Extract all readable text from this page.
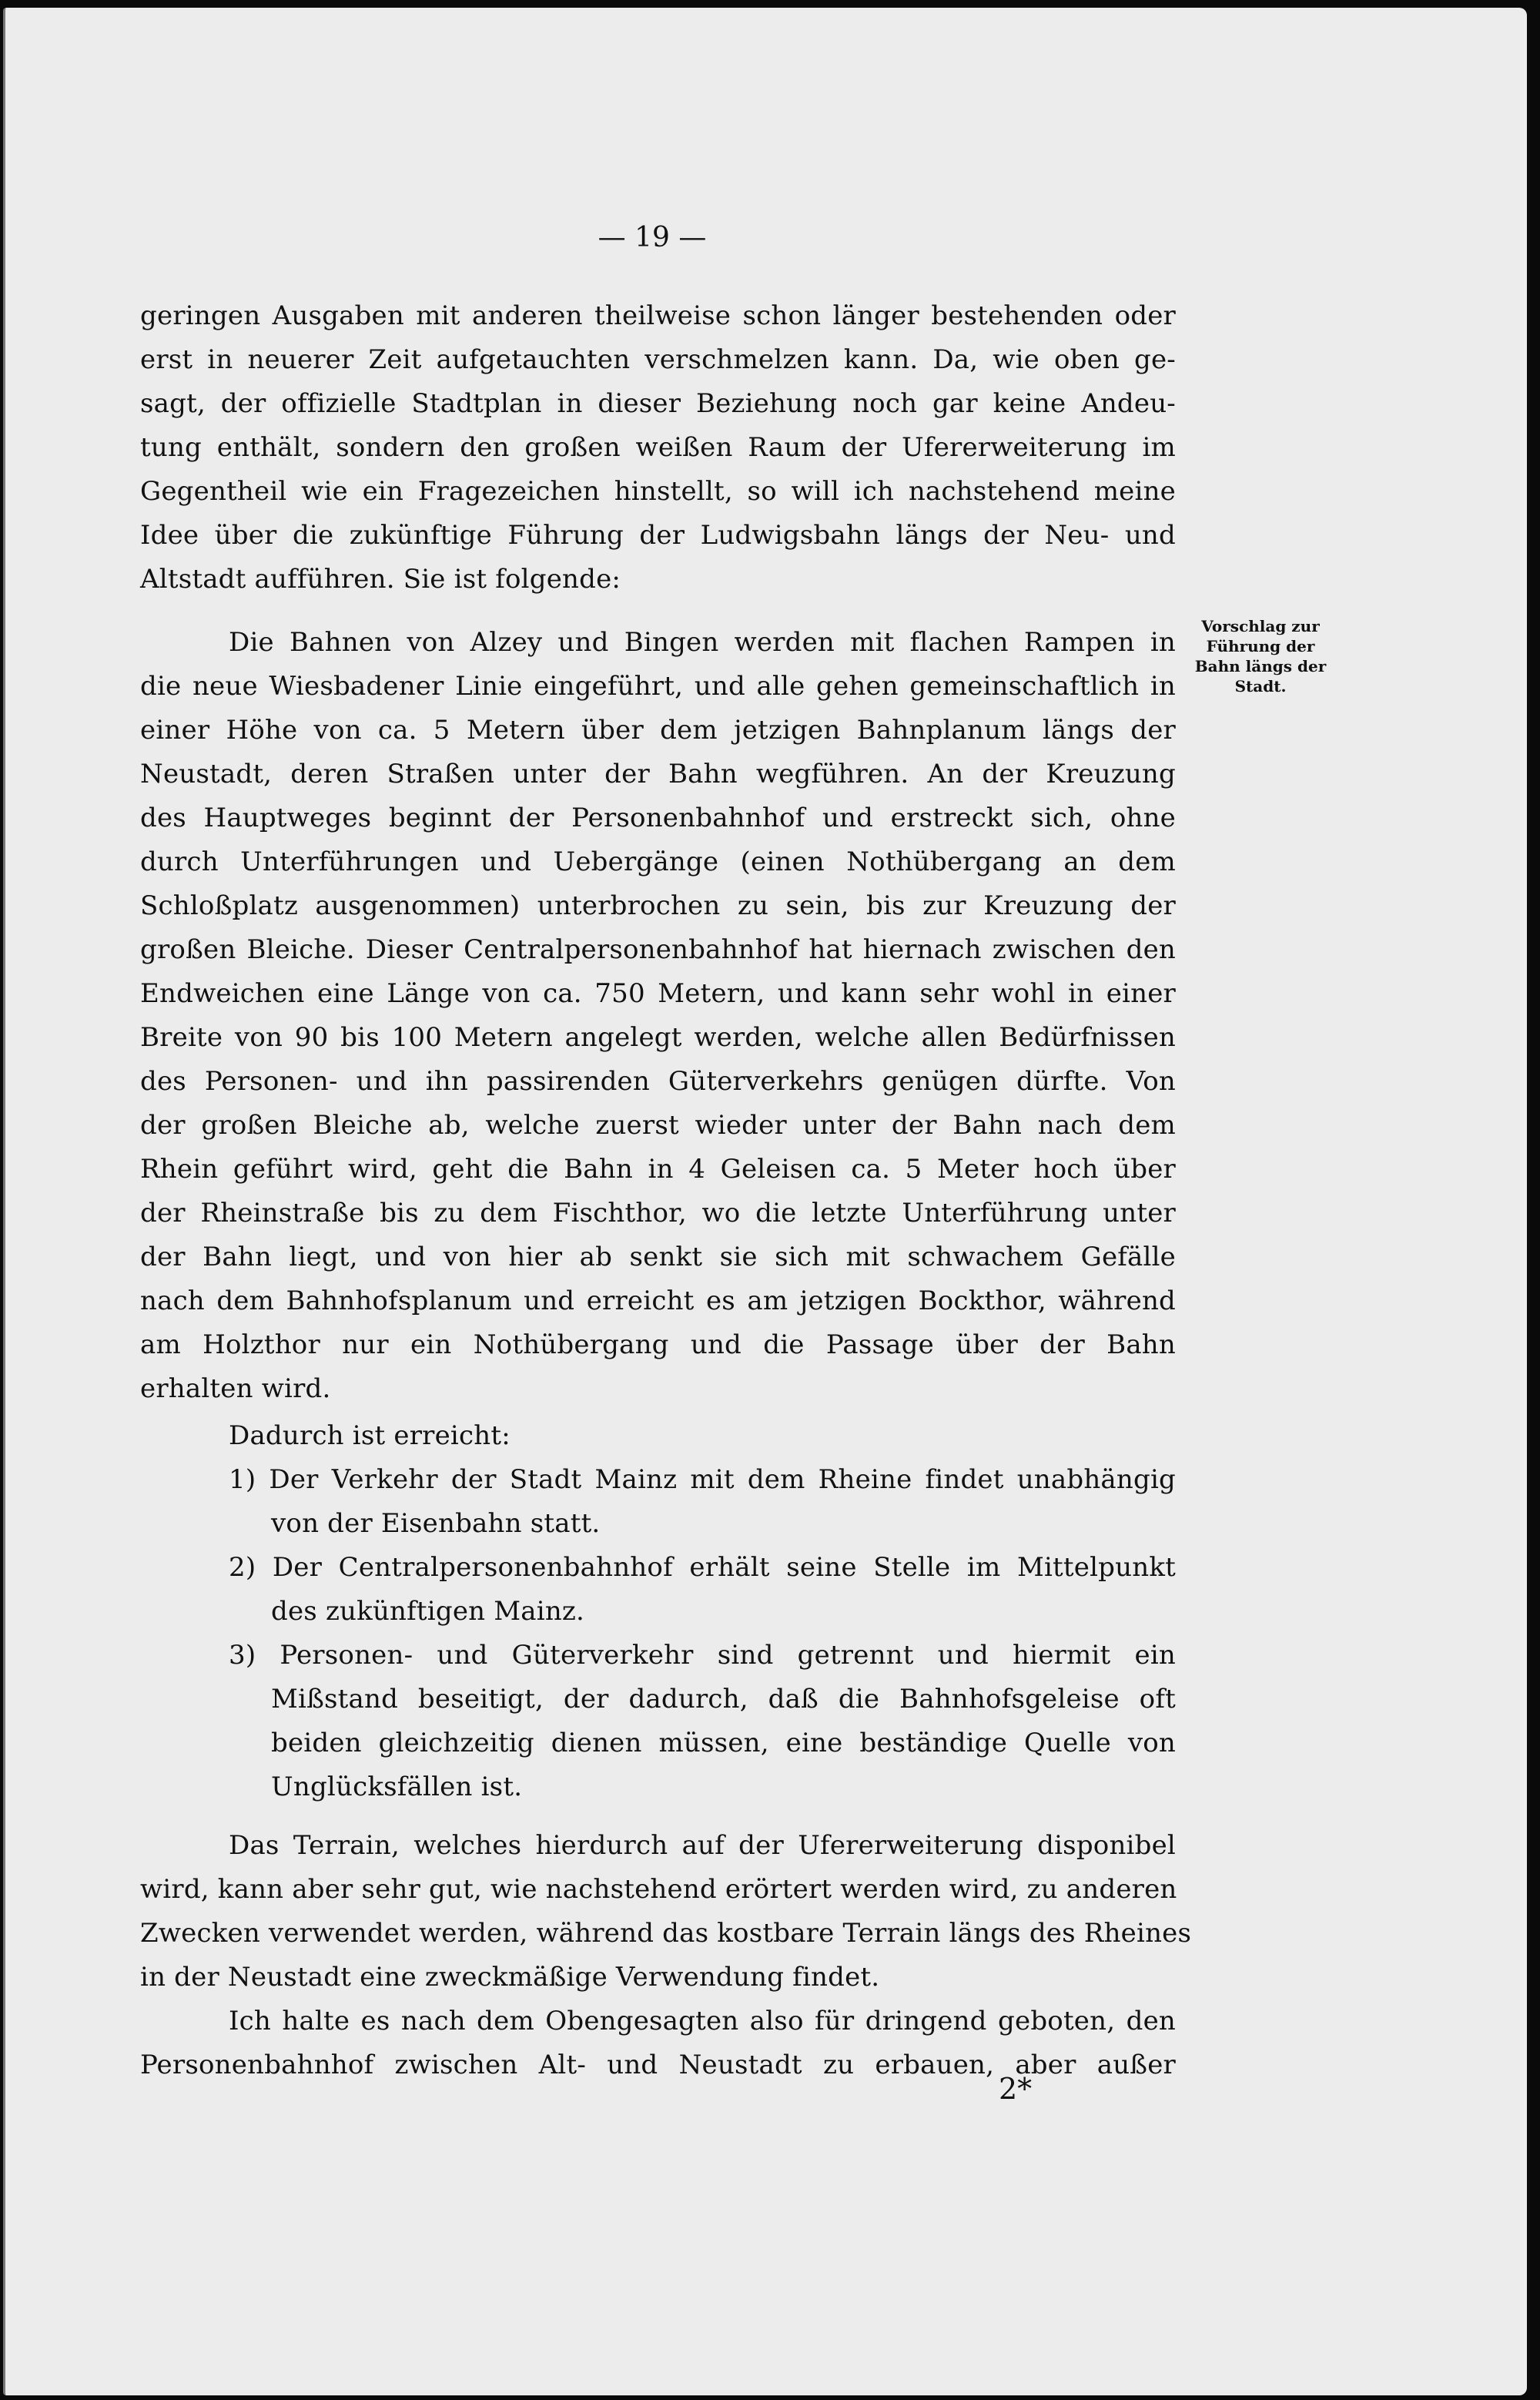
— 19 —
Vorschlag zur
Führung der
Bahn längs der
Stadt.
geringen Ausgaben mit anderen theilweise schon länger bestehenden oder
erst in neuerer Zeit aufgetauchten verschmelzen kann. Da, wie oben ge-
sagt, der offizielle Stadtplan in dieser Beziehung noch gar keine Andeu-
tung enthält, sondern den großen weißen Raum der Ufererweiterung im
Gegentheil wie ein Fragezeichen hinstellt, so will ich nachstehend meine
Idee über die zukünftige Führung der Ludwigsbahn längs der Neu- und
Altstadt aufführen. Sie ist folgende:
Die Bahnen von Alzey und Bingen werden mit flachen Rampen in
die neue Wiesbadener Linie eingeführt, und alle gehen gemeinschaftlich in
einer Höhe von ca. 5 Metern über dem jetzigen Bahnplanum längs der
Neustadt, deren Straßen unter der Bahn wegführen. An der Kreuzung
des Hauptweges beginnt der Personenbahnhof und erstreckt sich, ohne
durch Unterführungen und Uebergänge (einen Nothübergang an dem
Schloßplatz ausgenommen) unterbrochen zu sein, bis zur Kreuzung der
großen Bleiche. Dieser Centralpersonenbahnhof hat hiernach zwischen den
Endweichen eine Länge von ca. 750 Metern, und kann sehr wohl in einer
Breite von 90 bis 100 Metern angelegt werden, welche allen Bedürfnissen
des Personen- und ihn passirenden Güterverkehrs genügen dürfte. Von
der großen Bleiche ab, welche zuerst wieder unter der Bahn nach dem
Rhein geführt wird, geht die Bahn in 4 Geleisen ca. 5 Meter hoch über
der Rheinstraße bis zu dem Fischthor, wo die letzte Unterführung unter
der Bahn liegt, und von hier ab senkt sie sich mit schwachem Gefälle
nach dem Bahnhofsplanum und erreicht es am jetzigen Bockthor, während
am Holzthor nur ein Nothübergang und die Passage über der Bahn
erhalten wird.
Dadurch ist erreicht:
1) Der Verkehr der Stadt Mainz mit dem Rheine findet unabhängig
von der Eisenbahn statt.
2) Der Centralpersonenbahnhof erhält seine Stelle im Mittelpunkt
des zukünftigen Mainz.
3) Personen- und Güterverkehr sind getrennt und hiermit ein
Mißstand beseitigt, der dadurch, daß die Bahnhofsgeleise oft
beiden gleichzeitig dienen müssen, eine beständige Quelle von
Unglücksfällen ist.
Das Terrain, welches hierdurch auf der Ufererweiterung disponibel
wird, kann aber sehr gut, wie nachstehend erörtert werden wird, zu anderen
Zwecken verwendet werden, während das kostbare Terrain längs des Rheines
in der Neustadt eine zweckmäßige Verwendung findet.
Ich halte es nach dem Obengesagten also für dringend geboten, den
Personenbahnhof zwischen Alt- und Neustadt zu erbauen, aber außer
2*
